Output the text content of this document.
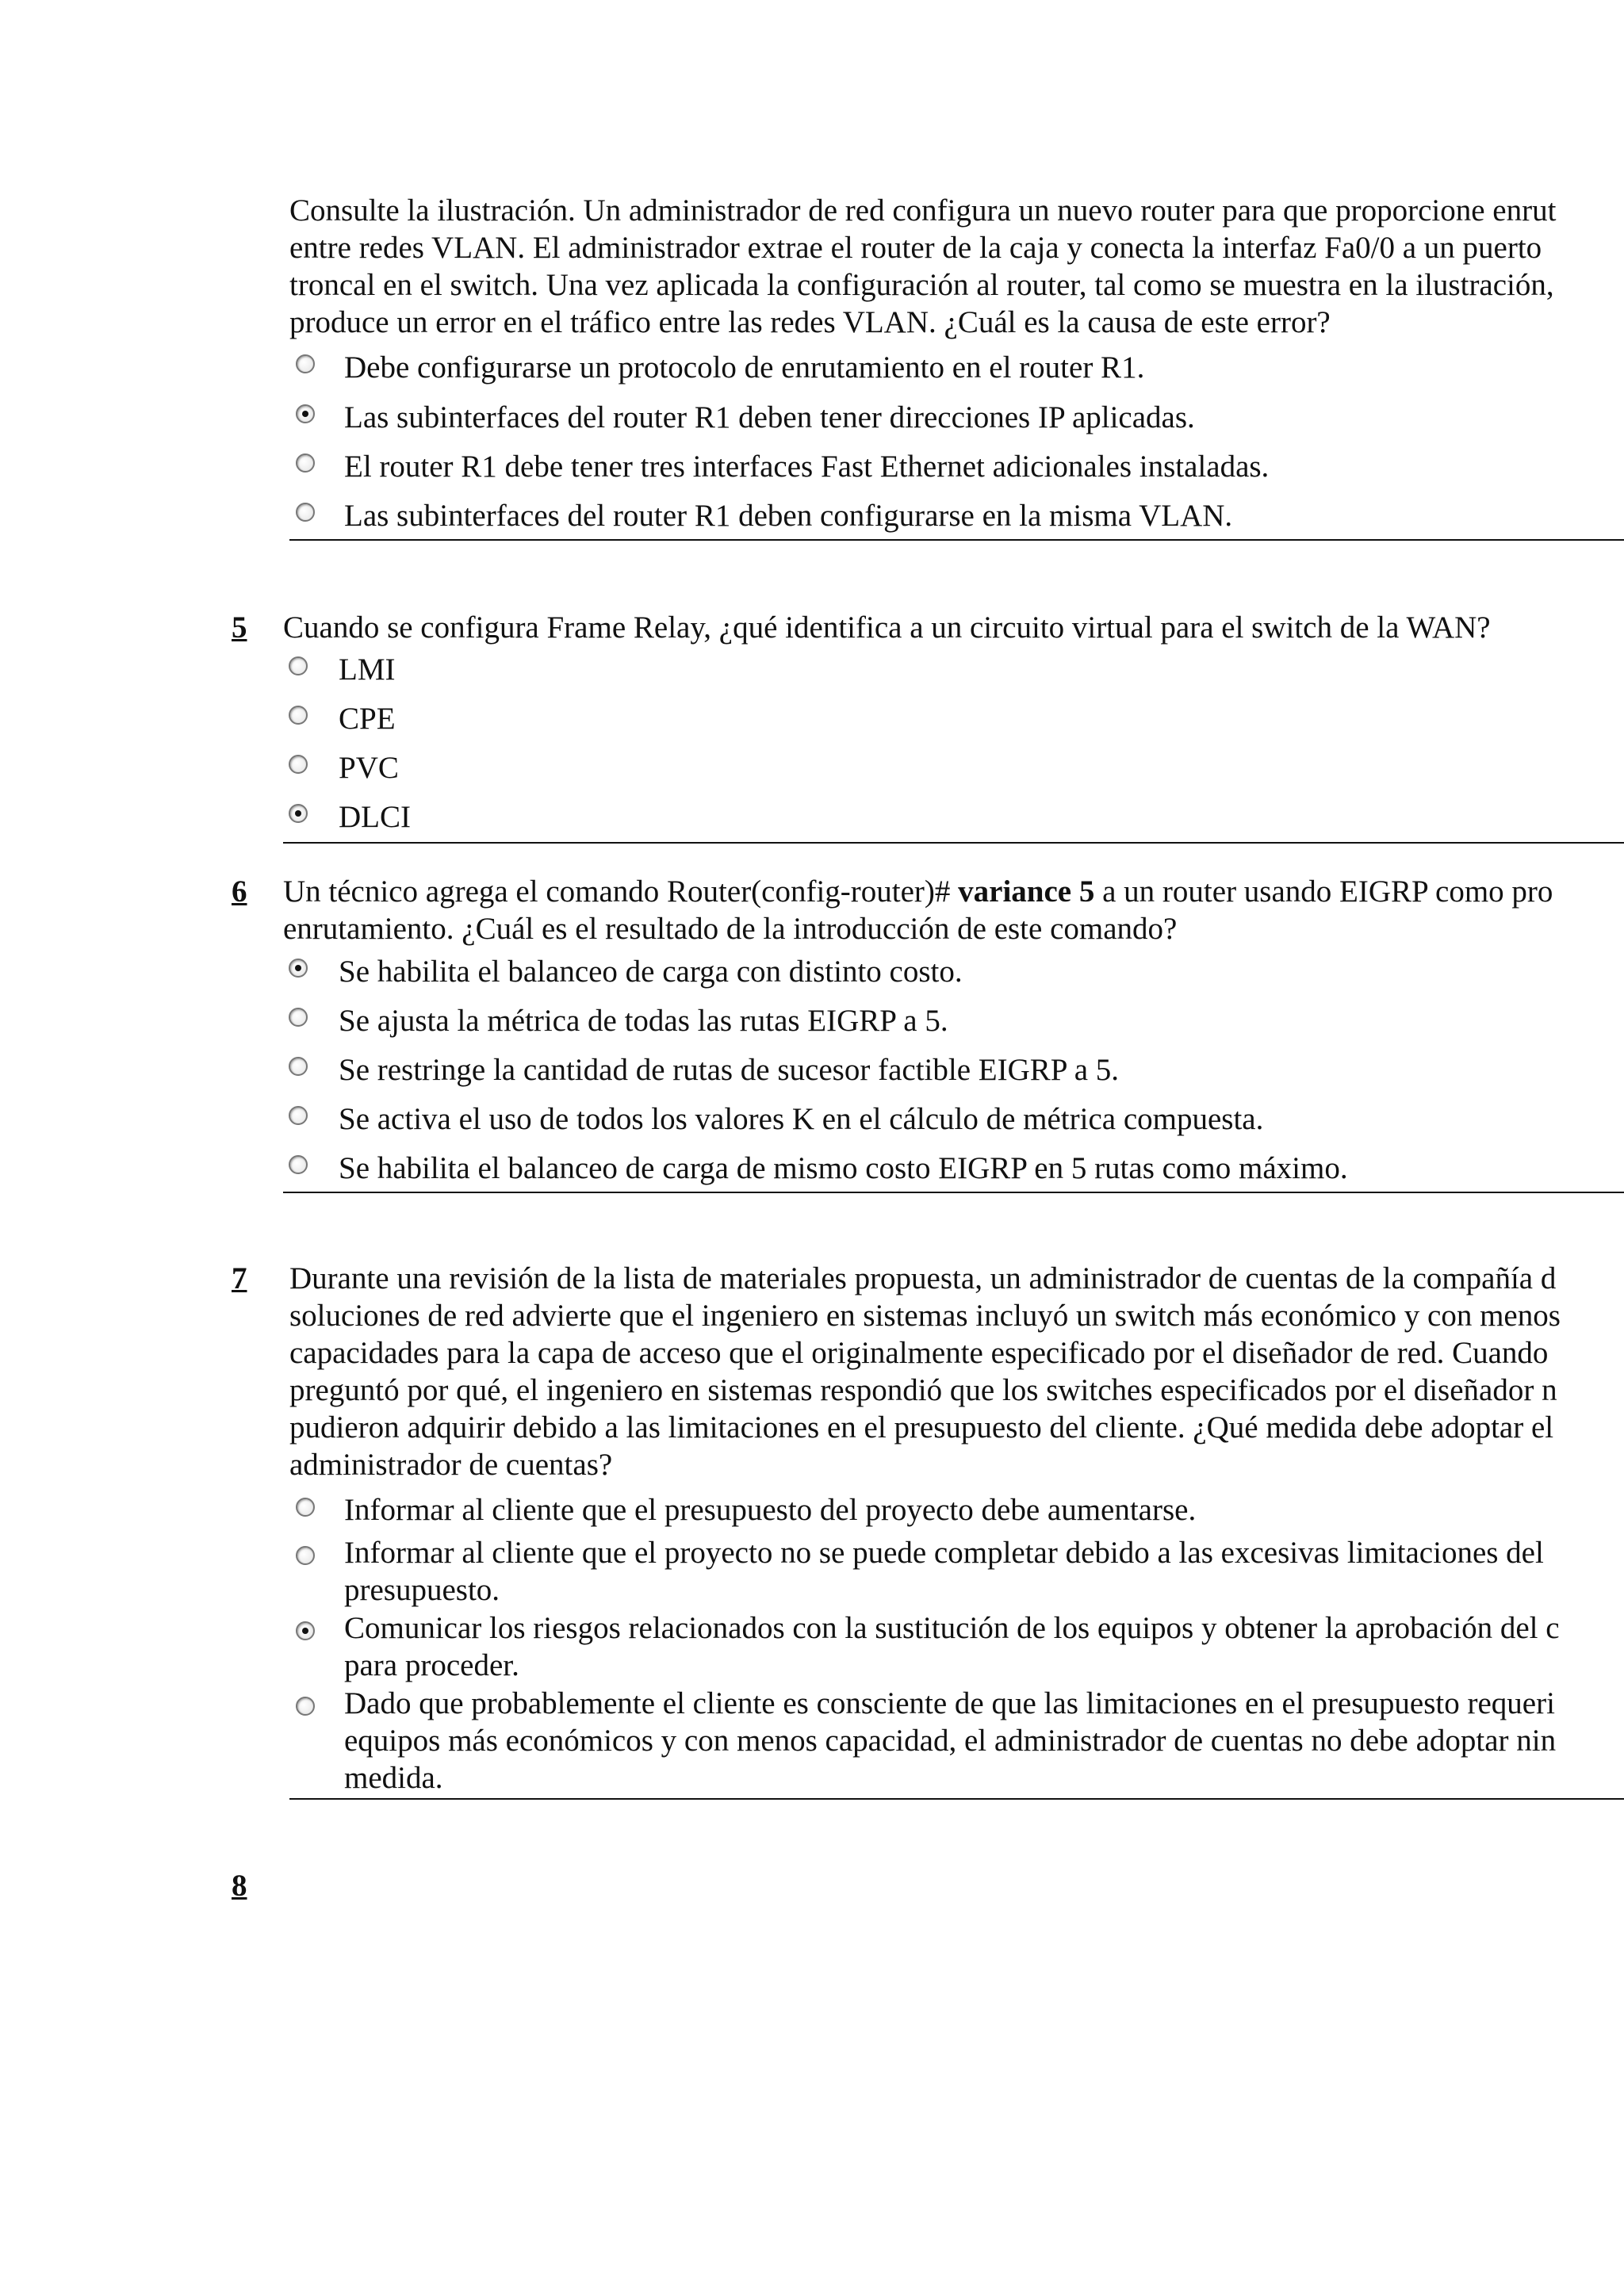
Consulte la ilustración. Un administrador de red configura un nuevo router para que proporcione enrut
entre redes VLAN. El administrador extrae el router de la caja y conecta la interfaz Fa0/0 a un puerto
troncal en el switch. Una vez aplicada la configuración al router, tal como se muestra en la ilustración,
produce un error en el tráfico entre las redes VLAN. ¿Cuál es la causa de este error?
Debe configurarse un protocolo de enrutamiento en el router R1.
Las subinterfaces del router R1 deben tener direcciones IP aplicadas.
El router R1 debe tener tres interfaces Fast Ethernet adicionales instaladas.
Las subinterfaces del router R1 deben configurarse en la misma VLAN.
5 Cuando se configura Frame Relay, ¿qué identifica a un circuito virtual para el switch de la WAN?
LMI
CPE
PVC
DLCI
6 Un técnico agrega el comando Router(config-router)# variance 5 a un router usando EIGRP como pro
enrutamiento. ¿Cuál es el resultado de la introducción de este comando?
Se habilita el balanceo de carga con distinto costo.
Se ajusta la métrica de todas las rutas EIGRP a 5.
Se restringe la cantidad de rutas de sucesor factible EIGRP a 5.
Se activa el uso de todos los valores K en el cálculo de métrica compuesta.
Se habilita el balanceo de carga de mismo costo EIGRP en 5 rutas como máximo.
7 Durante una revisión de la lista de materiales propuesta, un administrador de cuentas de la compañía d
soluciones de red advierte que el ingeniero en sistemas incluyó un switch más económico y con menos
capacidades para la capa de acceso que el originalmente especificado por el diseñador de red. Cuando
preguntó por qué, el ingeniero en sistemas respondió que los switches especificados por el diseñador n
pudieron adquirir debido a las limitaciones en el presupuesto del cliente. ¿Qué medida debe adoptar el
administrador de cuentas?
Informar al cliente que el presupuesto del proyecto debe aumentarse.
Informar al cliente que el proyecto no se puede completar debido a las excesivas limitaciones del
presupuesto.
Comunicar los riesgos relacionados con la sustitución de los equipos y obtener la aprobación del c
para proceder.
Dado que probablemente el cliente es consciente de que las limitaciones en el presupuesto requeri
equipos más económicos y con menos capacidad, el administrador de cuentas no debe adoptar nin
medida.
8
